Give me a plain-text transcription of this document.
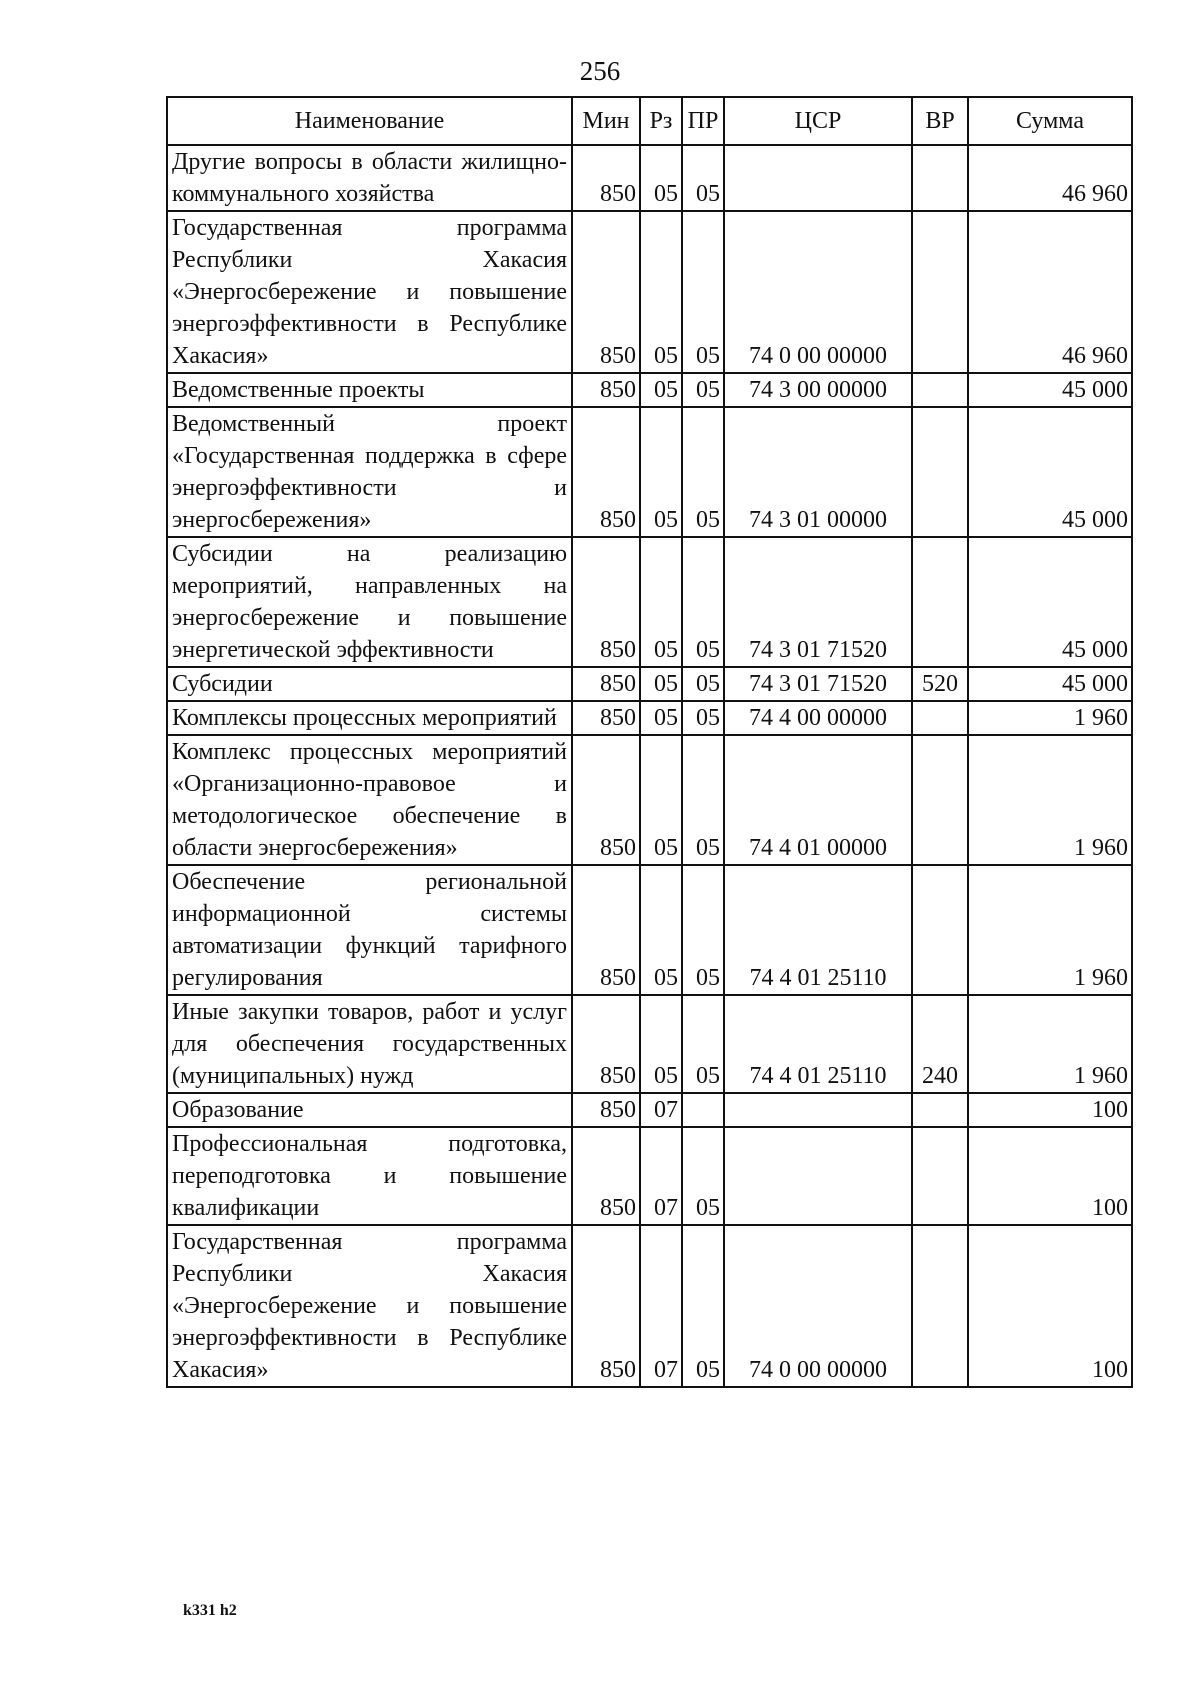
256
Наименование	Мин	Рз	ПР	ЦСР	ВР	Сумма
Другие вопросы в области жилищно-коммунального хозяйства	850	05	05			46 960
Государственная программа Республики Хакасия «Энергосбережение и повышение энергоэффективности в Республике Хакасия»	850	05	05	74 0 00 00000		46 960
Ведомственные проекты	850	05	05	74 3 00 00000		45 000
Ведомственный проект «Государственная поддержка в сфере энергоэффективности и энергосбережения»	850	05	05	74 3 01 00000		45 000
Субсидии на реализацию мероприятий, направленных на энергосбережение и повышение энергетической эффективности	850	05	05	74 3 01 71520		45 000
Субсидии	850	05	05	74 3 01 71520	520	45 000
Комплексы процессных мероприятий	850	05	05	74 4 00 00000		1 960
Комплекс процессных мероприятий «Организационно-правовое и методологическое обеспечение в области энергосбережения»	850	05	05	74 4 01 00000		1 960
Обеспечение региональной информационной системы автоматизации функций тарифного регулирования	850	05	05	74 4 01 25110		1 960
Иные закупки товаров, работ и услуг для обеспечения государственных (муниципальных) нужд	850	05	05	74 4 01 25110	240	1 960
Образование	850	07				100
Профессиональная подготовка, переподготовка и повышение квалификации	850	07	05			100
Государственная программа Республики Хакасия «Энергосбережение и повышение энергоэффективности в Республике Хакасия»	850	07	05	74 0 00 00000		100
k331 h2
